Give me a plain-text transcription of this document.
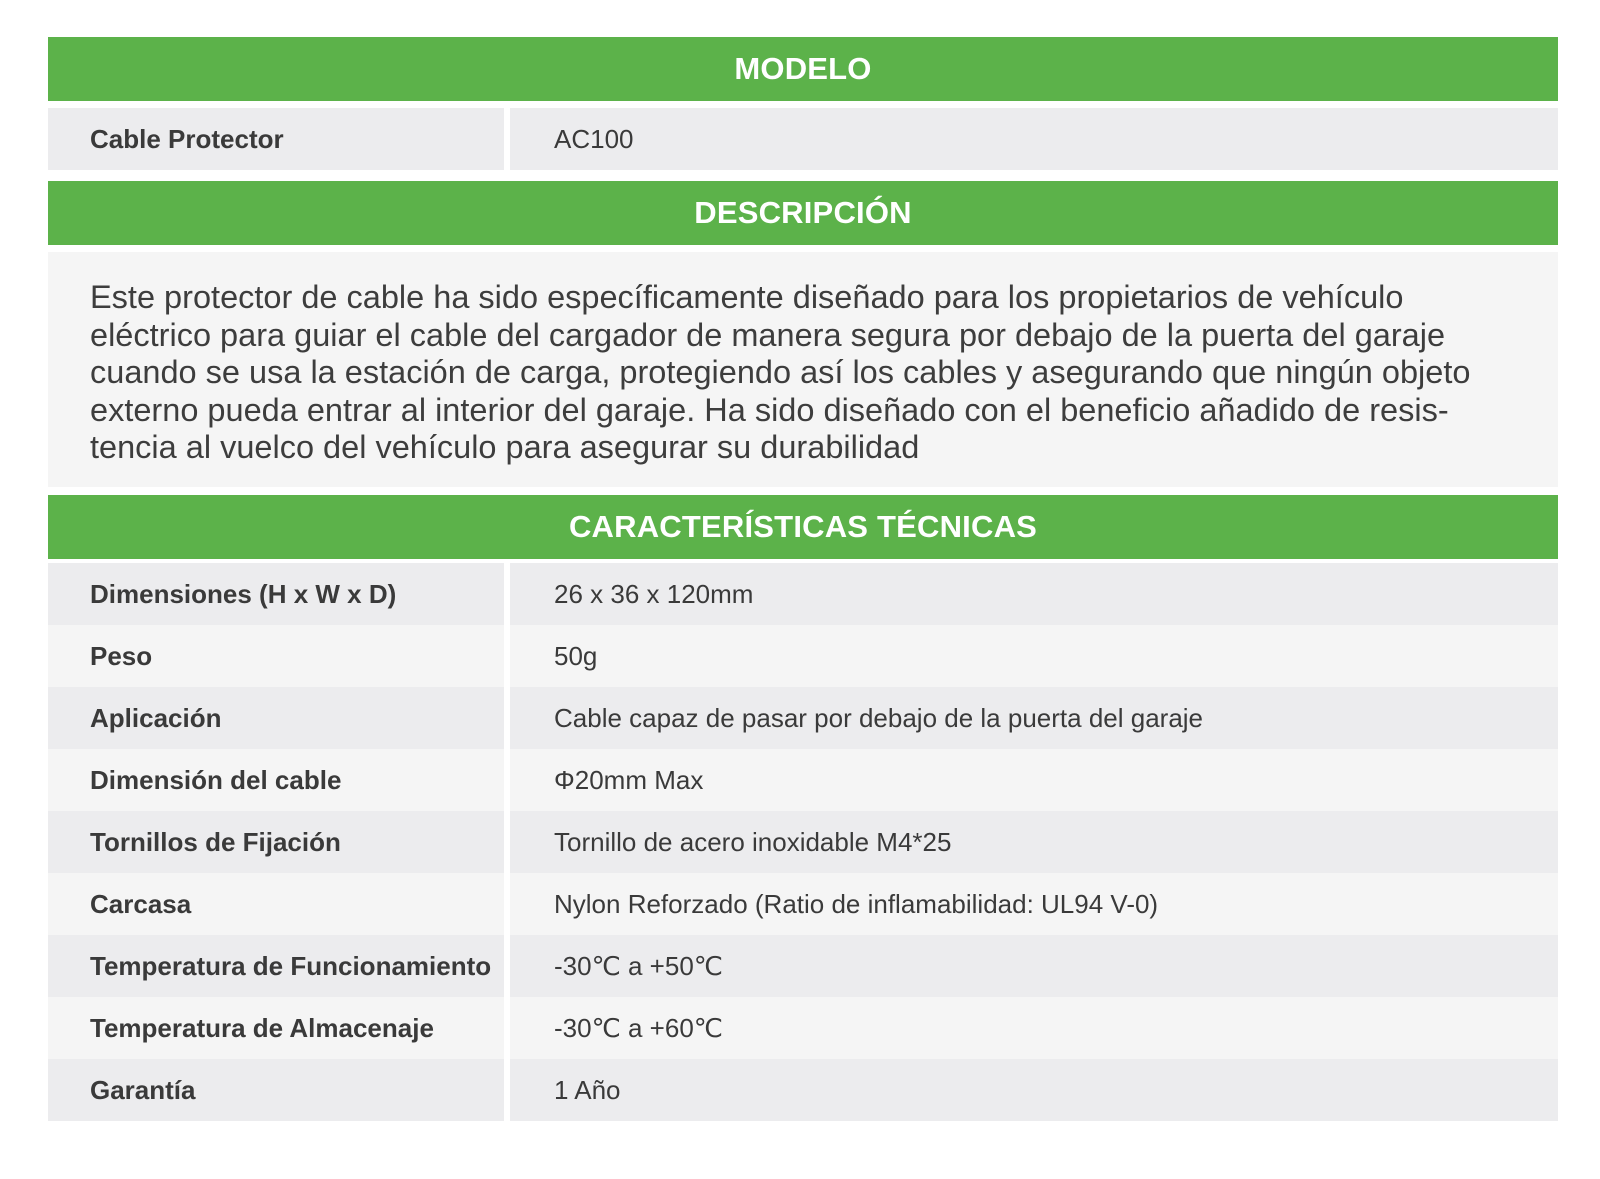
MODELO
Cable Protector	AC100
DESCRIPCIÓN
Este protector de cable ha sido específicamente diseñado para los propietarios de vehículo eléctrico para guiar el cable del cargador de manera segura por debajo de la puerta del garaje cuando se usa la estación de carga, protegiendo así los cables y asegurando que ningún objeto externo pueda entrar al interior del garaje. Ha sido diseñado con el beneficio añadido de resis-tencia al vuelco del vehículo para asegurar su durabilidad
CARACTERÍSTICAS TÉCNICAS
Dimensiones (H x W x D)	26 x 36 x 120mm
Peso	50g
Aplicación	Cable capaz de pasar por debajo de la puerta del garaje
Dimensión del cable	Φ20mm Max
Tornillos de Fijación	Tornillo de acero inoxidable M4*25
Carcasa	Nylon Reforzado (Ratio de inflamabilidad: UL94 V-0)
Temperatura de Funcionamiento	-30℃ a +50℃
Temperatura de Almacenaje	-30℃ a +60℃
Garantía	1 Año
